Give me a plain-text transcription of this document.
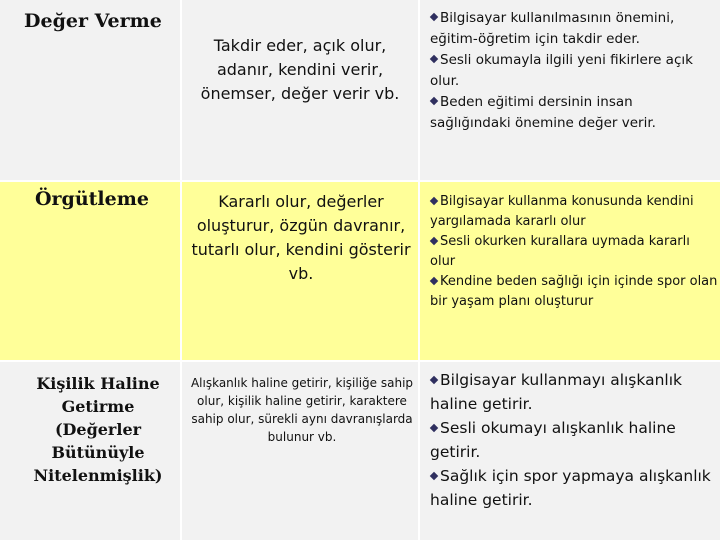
Değer Verme
Takdir eder, açık olur, adanır, kendini verir, önemser, değer verir vb.
Bilgisayar kullanılmasının önemini, eğitim-öğretim için takdir eder.
Sesli okumayla ilgili yeni fikirlere açık olur.
Beden eğitimi dersinin insan sağlığındaki önemine değer verir.
Örgütleme	Kararlı olur, değerler oluşturur, özgün davranır, tutarlı olur, kendini gösterir vb.
Bilgisayar kullanma konusunda kendini yargılamada kararlı olur
Sesli okurken kurallara uymada kararlı olur
Kendine beden sağlığı için içinde spor olan bir yaşam planı oluşturur
Kişilik Haline
Getirme
(Değerler
Bütünüyle
Nitelenmişlik)
Alışkanlık haline getirir, kişiliğe sahip olur, kişilik haline getirir, karaktere sahip olur, sürekli aynı davranışlarda bulunur vb.
Bilgisayar kullanmayı alışkanlık haline getirir.
Sesli okumayı alışkanlık haline getirir.
Sağlık için spor yapmaya alışkanlık haline getirir.
